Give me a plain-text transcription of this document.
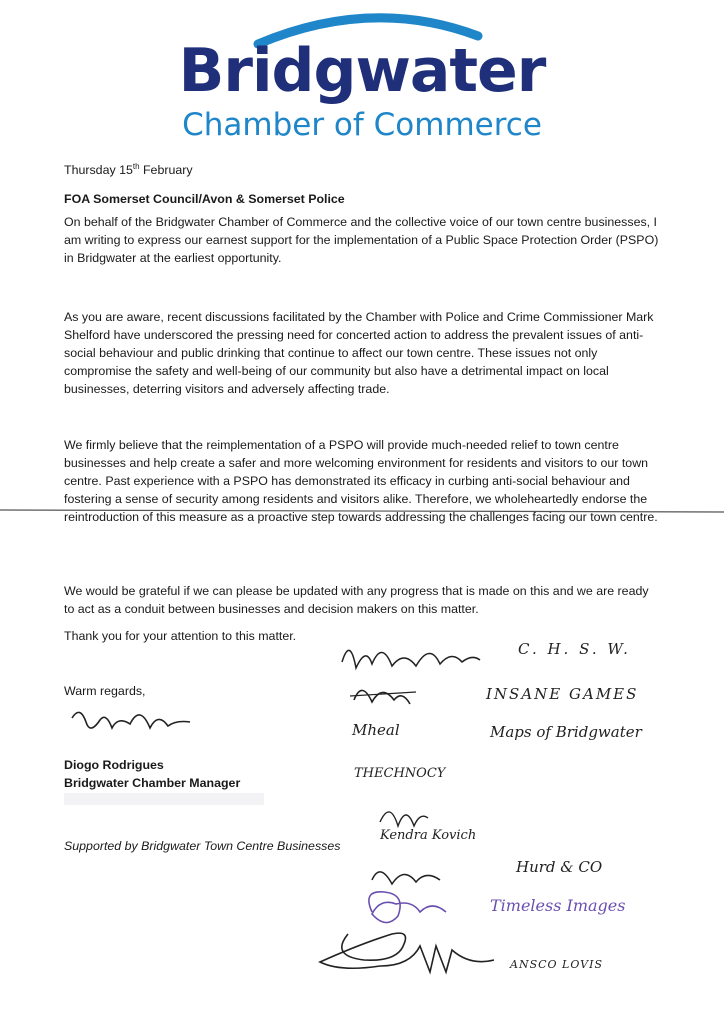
Bridgwater
Chamber of Commerce
Thursday 15th February
FOA Somerset Council/Avon & Somerset Police
On behalf of the Bridgwater Chamber of Commerce and the collective voice of our town centre businesses, I am writing to express our earnest support for the implementation of a Public Space Protection Order (PSPO) in Bridgwater at the earliest opportunity.
As you are aware, recent discussions facilitated by the Chamber with Police and Crime Commissioner Mark Shelford have underscored the pressing need for concerted action to address the prevalent issues of anti-social behaviour and public drinking that continue to affect our town centre. These issues not only compromise the safety and well-being of our community but also have a detrimental impact on local businesses, deterring visitors and adversely affecting trade.
We firmly believe that the reimplementation of a PSPO will provide much-needed relief to town centre businesses and help create a safer and more welcoming environment for residents and visitors to our town centre. Past experience with a PSPO has demonstrated its efficacy in curbing anti-social behaviour and fostering a sense of security among residents and visitors alike. Therefore, we wholeheartedly endorse the reintroduction of this measure as a proactive step towards addressing the challenges facing our town centre.
We would be grateful if we can please be updated with any progress that is made on this and we are ready to act as a conduit between businesses and decision makers on this matter.
Thank you for your attention to this matter.
Warm regards,
Diogo Rodrigues
Bridgwater Chamber Manager
Supported by Bridgwater Town Centre Businesses
C. H. S. W.
INSANE GAMES
Mheal	Maps of Bridgwater
THECHNOCY
Kendra Kovich
Hurd & CO
Timeless Images
ANSCO LOVIS
